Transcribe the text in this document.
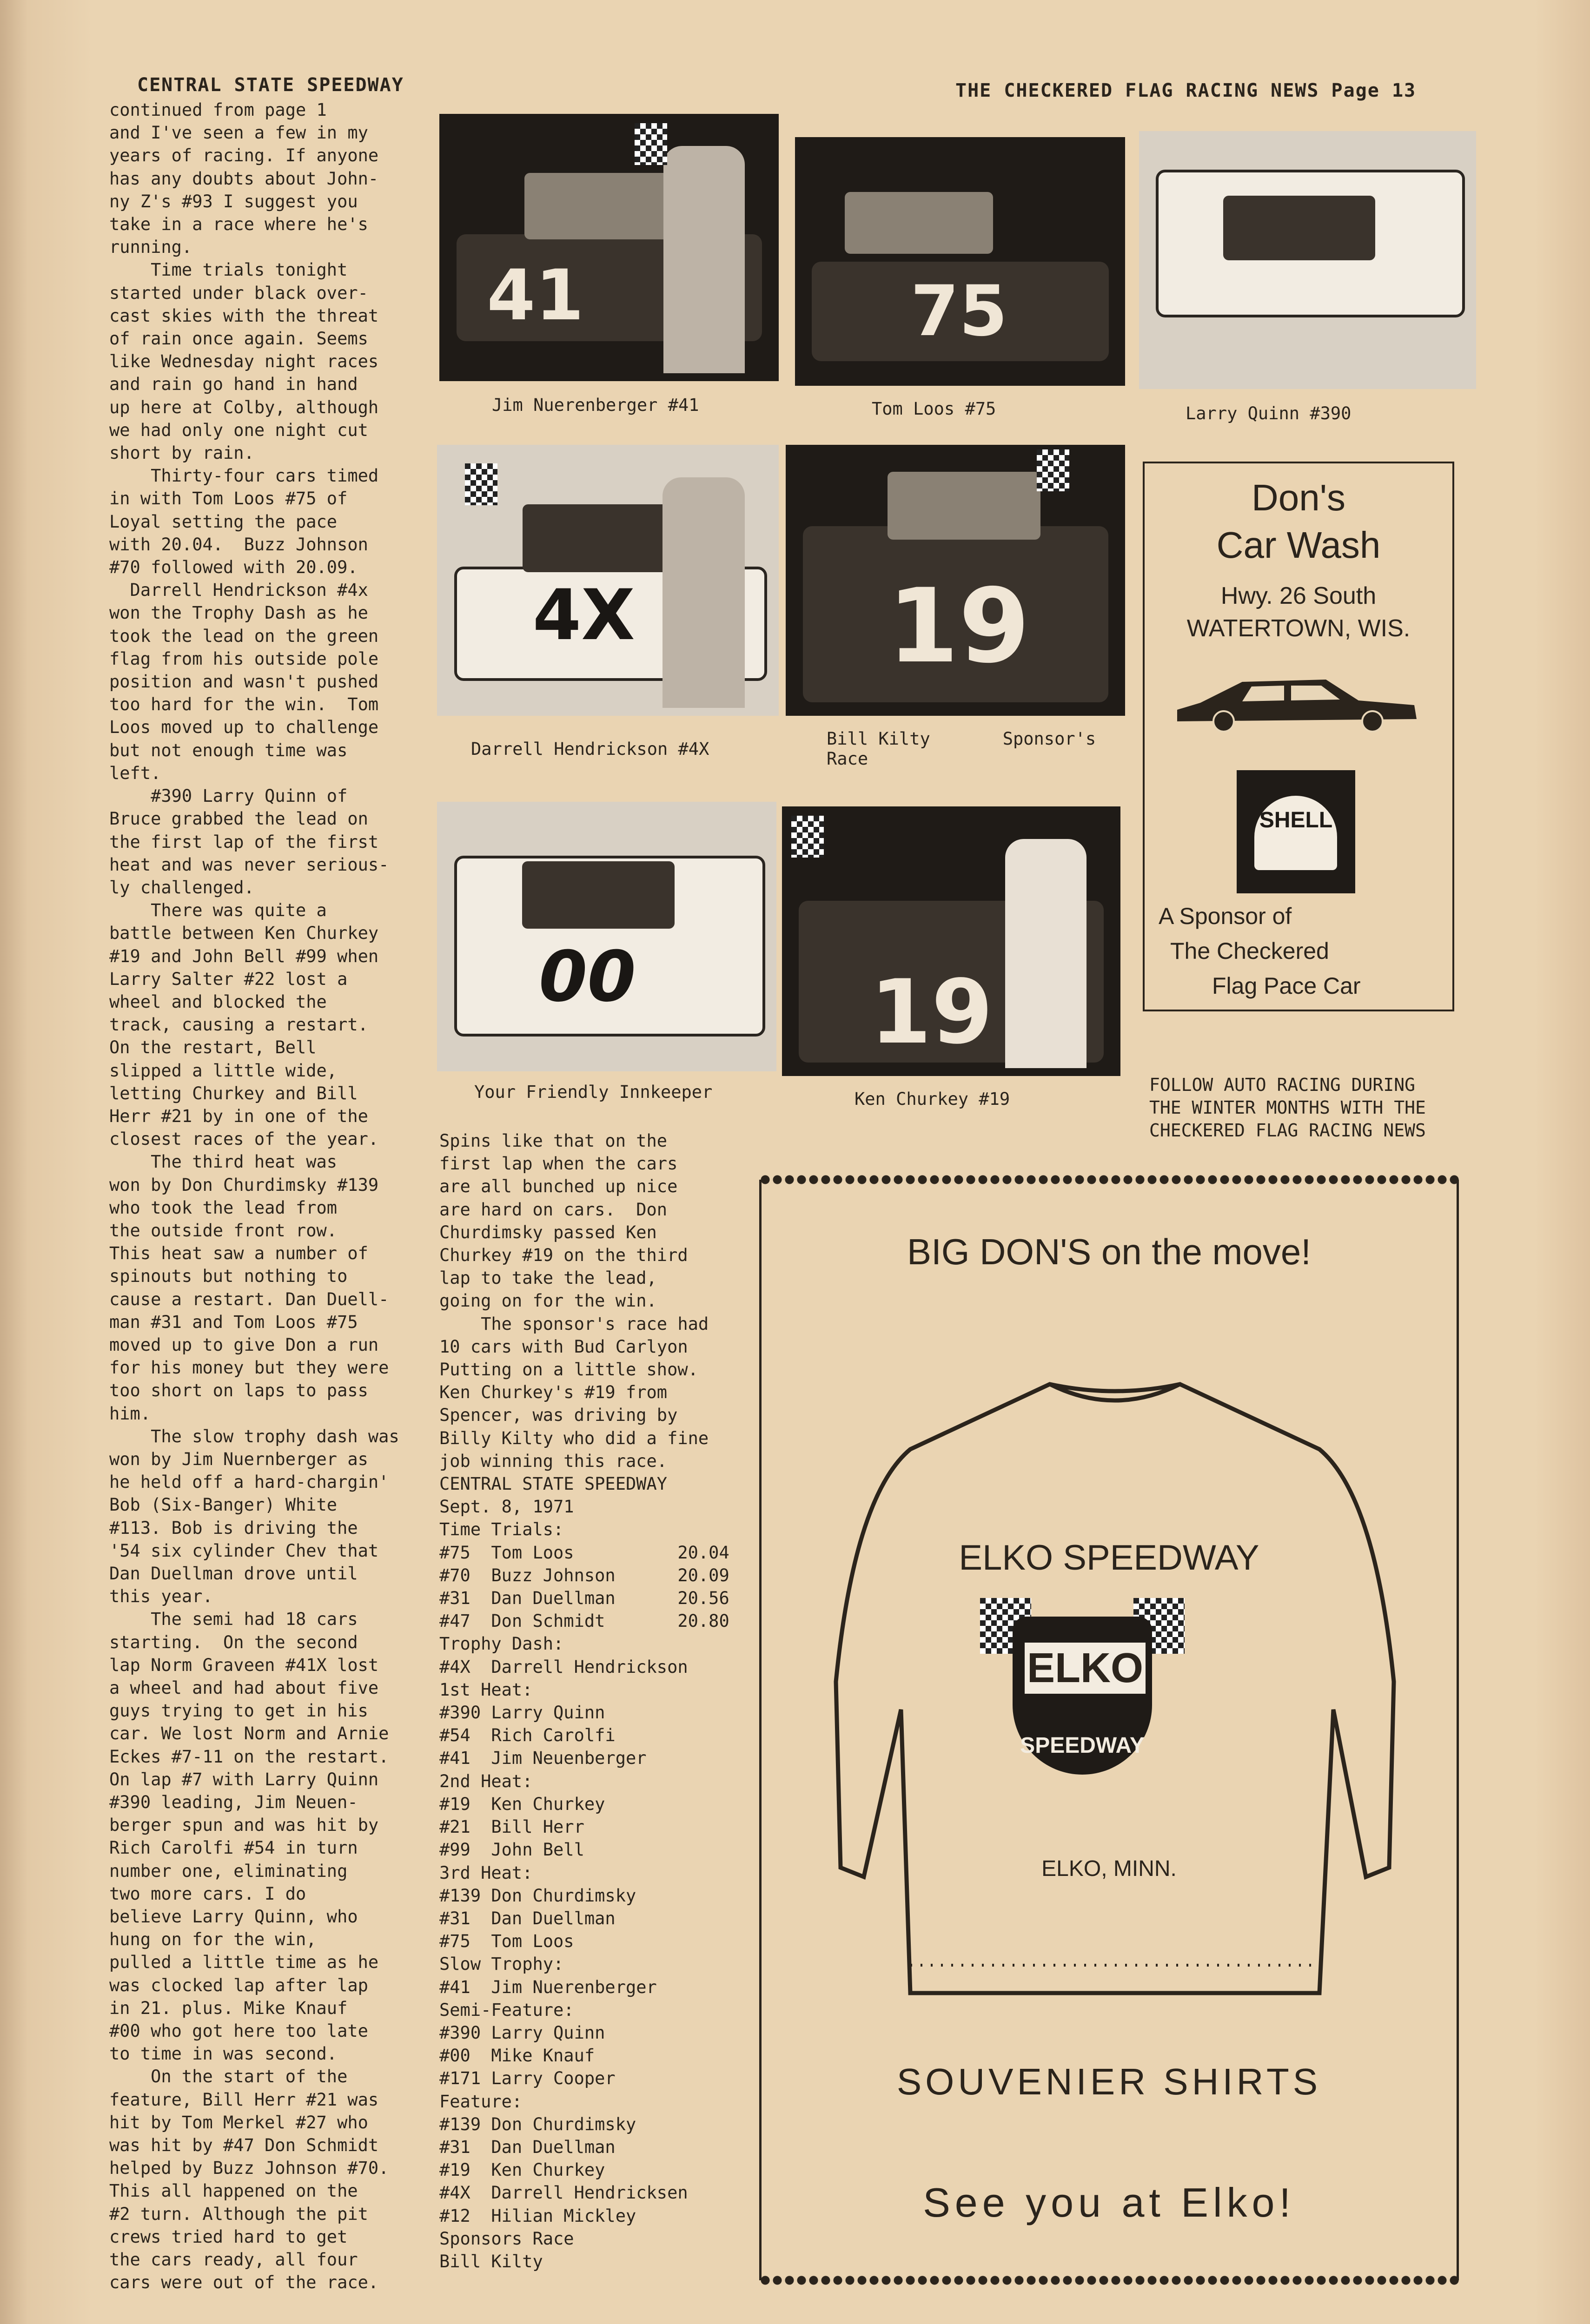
CENTRAL STATE SPEEDWAY	THE CHECKERED FLAG RACING NEWS Page 13
continued from page 1
and I've seen a few in my
years of racing. If anyone
has any doubts about John-
ny Z's #93 I suggest you
take in a race where he's
running.
Time trials tonight
started under black over-
cast skies with the threat
of rain once again. Seems
like Wednesday night races
and rain go hand in hand
up here at Colby, although
we had only one night cut
short by rain.
Thirty-four cars timed
in with Tom Loos #75 of
Loyal setting the pace
with 20.04.  Buzz Johnson
#70 followed with 20.09.
Darrell Hendrickson #4x
won the Trophy Dash as he
took the lead on the green
flag from his outside pole
position and wasn't pushed
too hard for the win.  Tom
Loos moved up to challenge
but not enough time was
left.
#390 Larry Quinn of
Bruce grabbed the lead on
the first lap of the first
heat and was never serious-
ly challenged.
There was quite a
battle between Ken Churkey
#19 and John Bell #99 when
Larry Salter #22 lost a
wheel and blocked the
track, causing a restart.
On the restart, Bell
slipped a little wide,
letting Churkey and Bill
Herr #21 by in one of the
closest races of the year.
The third heat was
won by Don Churdimsky #139
who took the lead from
the outside front row.
This heat saw a number of
spinouts but nothing to
cause a restart. Dan Duell-
man #31 and Tom Loos #75
moved up to give Don a run
for his money but they were
too short on laps to pass
him.
The slow trophy dash was
won by Jim Nuernberger as
he held off a hard-chargin'
Bob (Six-Banger) White
#113. Bob is driving the
'54 six cylinder Chev that
Dan Duellman drove until
this year.
The semi had 18 cars
starting.  On the second
lap Norm Graveen #41X lost
a wheel and had about five
guys trying to get in his
car. We lost Norm and Arnie
Eckes #7-11 on the restart.
On lap #7 with Larry Quinn
#390 leading, Jim Neuen-
berger spun and was hit by
Rich Carolfi #54 in turn
number one, eliminating
two more cars. I do
believe Larry Quinn, who
hung on for the win,
pulled a little time as he
was clocked lap after lap
in 21. plus. Mike Knauf
#00 who got here too late
to time in was second.
On the start of the
feature, Bill Herr #21 was
hit by Tom Merkel #27 who
was hit by #47 Don Schmidt
helped by Buzz Johnson #70.
This all happened on the
#2 turn. Although the pit
crews tried hard to get
the cars ready, all four
cars were out of the race.
Spins like that on the
first lap when the cars
are all bunched up nice
are hard on cars.  Don
Churdimsky passed Ken
Churkey #19 on the third
lap to take the lead,
going on for the win.
The sponsor's race had
10 cars with Bud Carlyon
Putting on a little show.
Ken Churkey's #19 from
Spencer, was driving by
Billy Kilty who did a fine
job winning this race.
CENTRAL STATE SPEEDWAY
Sept. 8, 1971
Time Trials:
#75  Tom Loos          20.04
#70  Buzz Johnson      20.09
#31  Dan Duellman      20.56
#47  Don Schmidt       20.80
Trophy Dash:
#4X  Darrell Hendrickson
1st Heat:
#390 Larry Quinn
#54  Rich Carolfi
#41  Jim Neuenberger
2nd Heat:
#19  Ken Churkey
#21  Bill Herr
#99  John Bell
3rd Heat:
#139 Don Churdimsky
#31  Dan Duellman
#75  Tom Loos
Slow Trophy:
#41  Jim Nuerenberger
Semi-Feature:
#390 Larry Quinn
#00  Mike Knauf
#171 Larry Cooper
Feature:
#139 Don Churdimsky
#31  Dan Duellman
#19  Ken Churkey
#4X  Darrell Hendricksen
#12  Hilian Mickley
Sponsors Race
Bill Kilty
41
Jim Nuerenberger #41
75
Tom Loos #75	Larry Quinn #390
4X
Darrell Hendrickson #4X
19
Bill Kilty       Sponsor's
Race
00
Your Friendly Innkeeper
19
Ken Churkey #19
Don's
Car Wash
Hwy. 26 South
WATERTOWN, WIS.
SHELL
A Sponsor of
The Checkered
Flag Pace Car
FOLLOW AUTO RACING DURING
THE WINTER MONTHS WITH THE
CHECKERED FLAG RACING NEWS
BIG DON'S on the move!
ELKO SPEEDWAY
ELKO
SPEEDWAY
ELKO, MINN.
SOUVENIER SHIRTS
See you at Elko!
